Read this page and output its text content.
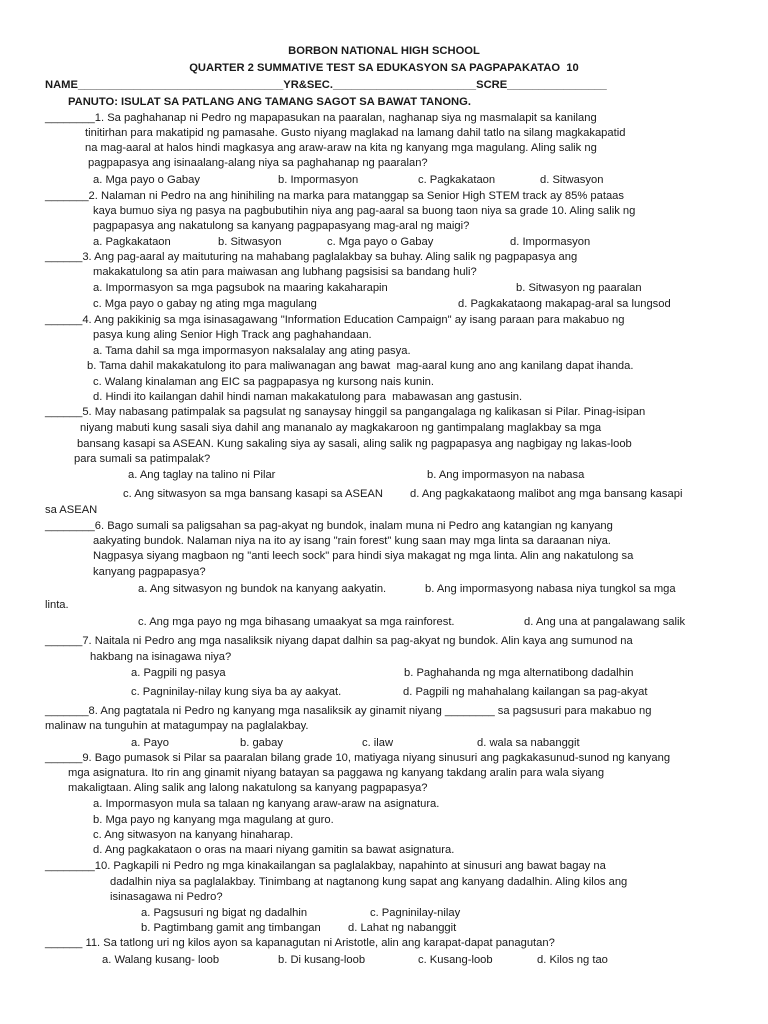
BORBON NATIONAL HIGH SCHOOL
QUARTER 2 SUMMATIVE TEST SA EDUKASYON SA PAGPAPAKATAO  10
NAME_________________________________YR&SEC._______________________SCRE________________
PANUTO: ISULAT SA PATLANG ANG TAMANG SAGOT SA BAWAT TANONG.
________1. Sa paghahanap ni Pedro ng mapapasukan na paaralan, naghanap siya ng masmalapit sa kanilang
tinitirhan para makatipid ng pamasahe. Gusto niyang maglakad na lamang dahil tatlo na silang magkakapatid
na mag-aaral at halos hindi magkasya ang araw-araw na kita ng kanyang mga magulang. Aling salik ng
pagpapasya ang isinaalang-alang niya sa paghahanap ng paaralan?
a. Mga payo o Gabay	b. Impormasyon	c. Pagkakataon	d. Sitwasyon
_______2. Nalaman ni Pedro na ang hinihiling na marka para matanggap sa Senior High STEM track ay 85% pataas
kaya bumuo siya ng pasya na pagbubutihin niya ang pag-aaral sa buong taon niya sa grade 10. Aling salik ng
pagpapasya ang nakatulong sa kanyang pagpapasyang mag-aral ng maigi?
a. Pagkakataon	b. Sitwasyon	c. Mga payo o Gabay	d. Impormasyon
______3. Ang pag-aaral ay maituturing na mahabang paglalakbay sa buhay. Aling salik ng pagpapasya ang
makakatulong sa atin para maiwasan ang lubhang pagsisisi sa bandang huli?
a. Impormasyon sa mga pagsubok na maaring kakaharapin	b. Sitwasyon ng paaralan
c. Mga payo o gabay ng ating mga magulang	d. Pagkakataong makapag-aral sa lungsod
______4. Ang pakikinig sa mga isinasagawang "Information Education Campaign" ay isang paraan para makabuo ng
pasya kung aling Senior High Track ang paghahandaan.
a. Tama dahil sa mga impormasyon naksalalay ang ating pasya.
b. Tama dahil makakatulong ito para maliwanagan ang bawat  mag-aaral kung ano ang kanilang dapat ihanda.
c. Walang kinalaman ang EIC sa pagpapasya ng kursong nais kunin.
d. Hindi ito kailangan dahil hindi naman makakatulong para  mabawasan ang gastusin.
______5. May nabasang patimpalak sa pagsulat ng sanaysay hinggil sa pangangalaga ng kalikasan si Pilar. Pinag-isipan
niyang mabuti kung sasali siya dahil ang mananalo ay magkakaroon ng gantimpalang maglakbay sa mga
bansang kasapi sa ASEAN. Kung sakaling siya ay sasali, aling salik ng pagpapasya ang nagbigay ng lakas-loob
para sumali sa patimpalak?
a. Ang taglay na talino ni Pilar	b. Ang impormasyon na nabasa
c. Ang sitwasyon sa mga bansang kasapi sa ASEAN d. Ang pagkakataong malibot ang mga bansang kasapi
sa ASEAN
________6. Bago sumali sa paligsahan sa pag-akyat ng bundok, inalam muna ni Pedro ang katangian ng kanyang
aakyating bundok. Nalaman niya na ito ay isang "rain forest" kung saan may mga linta sa daraanan niya.
Nagpasya siyang magbaon ng "anti leech sock" para hindi siya makagat ng mga linta. Alin ang nakatulong sa
kanyang pagpapasya?
a. Ang sitwasyon ng bundok na kanyang aakyatin.	b. Ang impormasyong nabasa niya tungkol sa mga
linta.
c. Ang mga payo ng mga bihasang umaakyat sa mga rainforest.	d. Ang una at pangalawang salik
______7. Naitala ni Pedro ang mga nasaliksik niyang dapat dalhin sa pag-akyat ng bundok. Alin kaya ang sumunod na
hakbang na isinagawa niya?
a. Pagpili ng pasya	b. Paghahanda ng mga alternatibong dadalhin
c. Pagninilay-nilay kung siya ba ay aakyat.	d. Pagpili ng mahahalang kailangan sa pag-akyat
_______8. Ang pagtatala ni Pedro ng kanyang mga nasaliksik ay ginamit niyang ________ sa pagsusuri para makabuo ng
malinaw na tunguhin at matagumpay na paglalakbay.
a. Payo	b. gabay	c. ilaw	d. wala sa nabanggit
______9. Bago pumasok si Pilar sa paaralan bilang grade 10, matiyaga niyang sinusuri ang pagkakasunud-sunod ng kanyang
mga asignatura. Ito rin ang ginamit niyang batayan sa paggawa ng kanyang takdang aralin para wala siyang
makaligtaan. Aling salik ang lalong nakatulong sa kanyang pagpapasya?
a. Impormasyon mula sa talaan ng kanyang araw-araw na asignatura.
b. Mga payo ng kanyang mga magulang at guro.
c. Ang sitwasyon na kanyang hinaharap.
d. Ang pagkakataon o oras na maari niyang gamitin sa bawat asignatura.
________10. Pagkapili ni Pedro ng mga kinakailangan sa paglalakbay, napahinto at sinusuri ang bawat bagay na
dadalhin niya sa paglalakbay. Tinimbang at nagtanong kung sapat ang kanyang dadalhin. Aling kilos ang
isinasagawa ni Pedro?
a. Pagsusuri ng bigat ng dadalhin	c. Pagninilay-nilay
b. Pagtimbang gamit ang timbangan d. Lahat ng nabanggit
______ 11. Sa tatlong uri ng kilos ayon sa kapanagutan ni Aristotle, alin ang karapat-dapat panagutan?
a. Walang kusang- loob	b. Di kusang-loob	c. Kusang-loob	d. Kilos ng tao
